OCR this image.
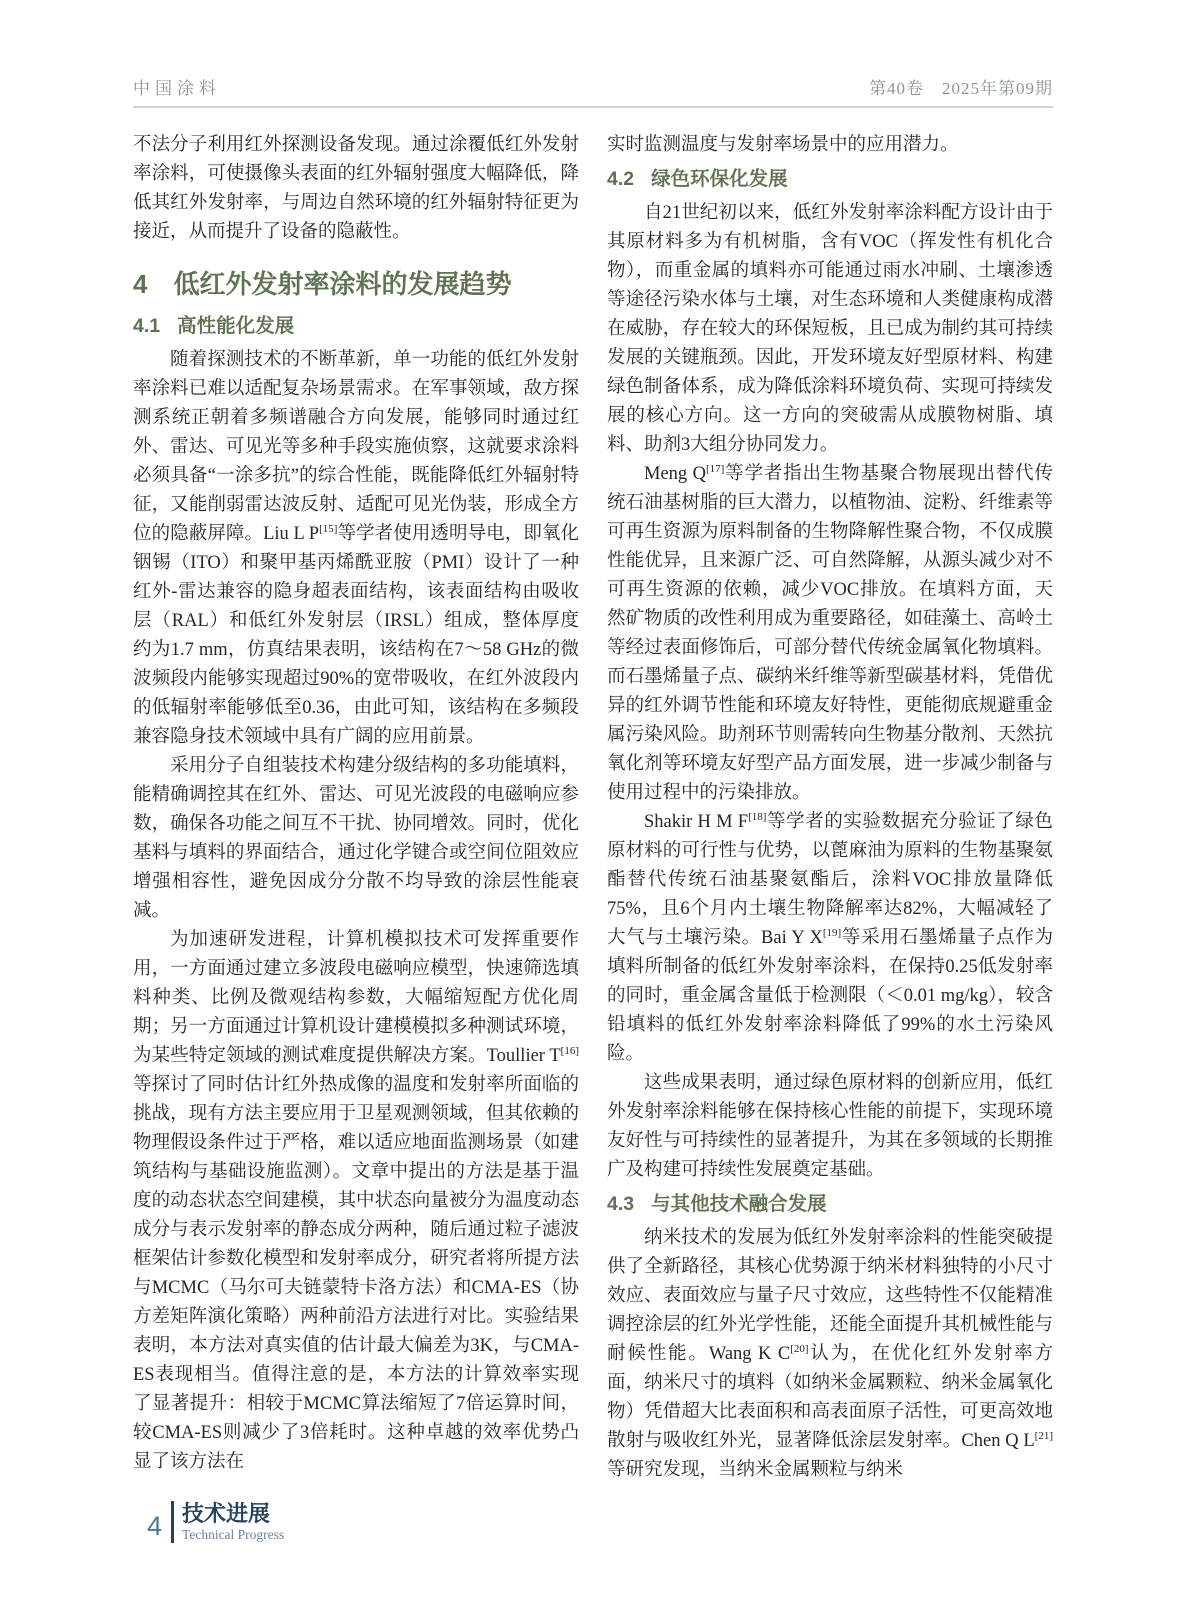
中国涂料	第40卷　2025年第09期

不法分子利用红外探测设备发现。通过涂覆低红外发射率涂料，可使摄像头表面的红外辐射强度大幅降低，降低其红外发射率，与周边自然环境的红外辐射特征更为接近，从而提升了设备的隐蔽性。

4 低红外发射率涂料的发展趋势
4.1 高性能化发展

随着探测技术的不断革新，单一功能的低红外发射率涂料已难以适配复杂场景需求。在军事领域，敌方探测系统正朝着多频谱融合方向发展，能够同时通过红外、雷达、可见光等多种手段实施侦察，这就要求涂料必须具备“一涂多抗”的综合性能，既能降低红外辐射特征，又能削弱雷达波反射、适配可见光伪装，形成全方位的隐蔽屏障。Liu L P[15]等学者使用透明导电，即氧化铟锡（ITO）和聚甲基丙烯酰亚胺（PMI）设计了一种红外-雷达兼容的隐身超表面结构，该表面结构由吸收层（RAL）和低红外发射层（IRSL）组成，整体厚度约为1.7 mm，仿真结果表明，该结构在7～58 GHz的微波频段内能够实现超过90%的宽带吸收，在红外波段内的低辐射率能够低至0.36，由此可知，该结构在多频段兼容隐身技术领域中具有广阔的应用前景。

采用分子自组装技术构建分级结构的多功能填料，能精确调控其在红外、雷达、可见光波段的电磁响应参数，确保各功能之间互不干扰、协同增效。同时，优化基料与填料的界面结合，通过化学键合或空间位阻效应增强相容性，避免因成分分散不均导致的涂层性能衰减。

为加速研发进程，计算机模拟技术可发挥重要作用，一方面通过建立多波段电磁响应模型，快速筛选填料种类、比例及微观结构参数，大幅缩短配方优化周期；另一方面通过计算机设计建模模拟多种测试环境，为某些特定领域的测试难度提供解决方案。Toullier T[16]等探讨了同时估计红外热成像的温度和发射率所面临的挑战，现有方法主要应用于卫星观测领域，但其依赖的物理假设条件过于严格，难以适应地面监测场景（如建筑结构与基础设施监测）。文章中提出的方法是基于温度的动态状态空间建模，其中状态向量被分为温度动态成分与表示发射率的静态成分两种，随后通过粒子滤波框架估计参数化模型和发射率成分，研究者将所提方法与MCMC（马尔可夫链蒙特卡洛方法）和CMA-ES（协方差矩阵演化策略）两种前沿方法进行对比。实验结果表明，本方法对真实值的估计最大偏差为3K，与CMA-ES表现相当。值得注意的是，本方法的计算效率实现了显著提升：相较于MCMC算法缩短了7倍运算时间，较CMA-ES则减少了3倍耗时。这种卓越的效率优势凸显了该方法在

实时监测温度与发射率场景中的应用潜力。

4.2 绿色环保化发展

自21世纪初以来，低红外发射率涂料配方设计由于其原材料多为有机树脂，含有VOC（挥发性有机化合物），而重金属的填料亦可能通过雨水冲刷、土壤渗透等途径污染水体与土壤，对生态环境和人类健康构成潜在威胁，存在较大的环保短板，且已成为制约其可持续发展的关键瓶颈。因此，开发环境友好型原材料、构建绿色制备体系，成为降低涂料环境负荷、实现可持续发展的核心方向。这一方向的突破需从成膜物树脂、填料、助剂3大组分协同发力。

Meng Q[17]等学者指出生物基聚合物展现出替代传统石油基树脂的巨大潜力，以植物油、淀粉、纤维素等可再生资源为原料制备的生物降解性聚合物，不仅成膜性能优异，且来源广泛、可自然降解，从源头减少对不可再生资源的依赖，减少VOC排放。在填料方面，天然矿物质的改性利用成为重要路径，如硅藻土、高岭土等经过表面修饰后，可部分替代传统金属氧化物填料。而石墨烯量子点、碳纳米纤维等新型碳基材料，凭借优异的红外调节性能和环境友好特性，更能彻底规避重金属污染风险。助剂环节则需转向生物基分散剂、天然抗氧化剂等环境友好型产品方面发展，进一步减少制备与使用过程中的污染排放。

Shakir H M F[18]等学者的实验数据充分验证了绿色原材料的可行性与优势，以蓖麻油为原料的生物基聚氨酯替代传统石油基聚氨酯后，涂料VOC排放量降低75%，且6个月内土壤生物降解率达82%，大幅减轻了大气与土壤污染。Bai Y X[19]等采用石墨烯量子点作为填料所制备的低红外发射率涂料，在保持0.25低发射率的同时，重金属含量低于检测限（＜0.01 mg/kg），较含铅填料的低红外发射率涂料降低了99%的水土污染风险。

这些成果表明，通过绿色原材料的创新应用，低红外发射率涂料能够在保持核心性能的前提下，实现环境友好性与可持续性的显著提升，为其在多领域的长期推广及构建可持续性发展奠定基础。

4.3 与其他技术融合发展

纳米技术的发展为低红外发射率涂料的性能突破提供了全新路径，其核心优势源于纳米材料独特的小尺寸效应、表面效应与量子尺寸效应，这些特性不仅能精准调控涂层的红外光学性能，还能全面提升其机械性能与耐候性能。Wang K C[20]认为，在优化红外发射率方面，纳米尺寸的填料（如纳米金属颗粒、纳米金属氧化物）凭借超大比表面积和高表面原子活性，可更高效地散射与吸收红外光，显著降低涂层发射率。Chen Q L[21]等研究发现，当纳米金属颗粒与纳米

4 技术进展
Technical Progress
